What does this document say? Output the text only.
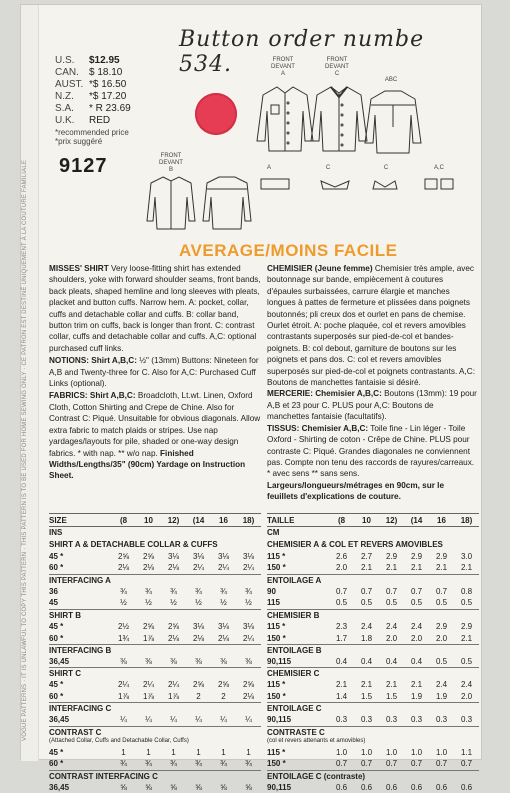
VOGUE PATTERNS · IT IS UNLAWFUL TO COPY THIS PATTERN · THIS PATTERN IS TO BE USED FOR HOME SEWING ONLY · CE PATRON EST DESTINÉ UNIQUEMENT À LA COUTURE FAMILIALE
Button order numbe 534.
U.S.	$12.95
CAN.	$ 18.10
AUST. *$ 16.50
N.Z.	*$ 17.20
S.A.	* R 23.69
U.K.	RED
*recommended price
*prix suggéré
9127
FRONT
DEVANT
A
FRONT
DEVANT
C
ABC
FRONT
DEVANT
B	A	C	C	A,C
AVERAGE/MOINS FACILE

MISSES' SHIRT Very loose-fitting shirt has extended shoulders, yoke with forward shoulder seams, front bands, back pleats, shaped hemline and long sleeves with pleats, placket and button cuffs. Narrow hem. A: pocket, collar, cuffs and detachable collar and cuffs. B: collar band, button trim on cuffs, back is longer than front. C: contrast collar, cuffs and detachable collar and cuffs. A,C: optional purchased cuff links.

NOTIONS: Shirt A,B,C: ½" (13mm) Buttons: Nineteen for A,B and Twenty-three for C. Also for A,C: Purchased Cuff Links (optional).

FABRICS: Shirt A,B,C: Broadcloth, Lt.wt. Linen, Oxford Cloth, Cotton Shirting and Crepe de Chine. Also for Contrast C: Piqué. Unsuitable for obvious diagonals. Allow extra fabric to match plaids or stripes. Use nap yardages/layouts for pile, shaded or one-way design fabrics. * with nap. ** w/o nap. Finished Widths/Lengths/35" (90cm) Yardage on Instruction Sheet.

CHEMISIER (Jeune femme) Chemisier très ample, avec boutonnage sur bande, empiècement à coutures d'épaules surbaissées, carrure élargie et manches longues à pattes de fermeture et plissées dans poignets boutonnés; pli creux dos et ourlet en pans de chemise. Ourlet étroit. A: poche plaquée, col et revers amovibles contrastants superposés sur pied-de-col et bandes-poignets. B: col debout, garniture de boutons sur les poignets et pans dos. C: col et revers amovibles superposés sur pied-de-col et poignets contrastants. A,C: Boutons de manchettes fantaisie si désiré.

MERCERIE: Chemisier A,B,C: Boutons (13mm): 19 pour A,B et 23 pour C. PLUS pour A,C: Boutons de manchettes fantaisie (facultatifs).

TISSUS: Chemisier A,B,C: Toile fine - Lin léger - Toile Oxford - Shirting de coton - Crêpe de Chine. PLUS pour contraste C: Piqué. Grandes diagonales ne conviennent pas. Compte non tenu des raccords de rayures/carreaux. * avec sens ** sans sens. Largeurs/longueurs/métrages en 90cm, sur le feuillets d'explications de couture.

SIZE	(8	10	12)	(14	16	18)
INS
SHIRT A & DETACHABLE COLLAR & CUFFS
45 *	2⅝	2⅝	3⅛	3⅛	3⅛	3⅛
60 *	2⅛	2⅛	2⅛	2¼	2¼	2¼
INTERFACING A
36	¾	¾	¾	¾	¾	¾
45	½	½	½	½	½	½
SHIRT B
45 *	2½	2⅝	2⅝	3⅛	3⅛	3⅛
60 *	1¾	1⅞	2⅛	2⅛	2⅛	2¼
INTERFACING B
36,45	⅜	⅜	⅜	⅜	⅜	⅜
SHIRT C
45 *	2¼	2¼	2¼	2⅝	2⅝	2⅝
60 *	1⅞	1⅞	1⅞	2	2	2⅛
INTERFACING C
36,45	¼	¼	¼	¼	¼	¼
CONTRAST C
(Attached Collar, Cuffs and Detachable Collar, Cuffs)
45 *	1	1	1	1	1	1
60 *	¾	¾	¾	¾	¾	¾
CONTRAST INTERFACING C
36,45	⅝	⅝	⅝	⅝	⅝	⅝
TAILLE	(8	10	12)	(14	16	18)
CM
CHEMISIER A & COL ET REVERS AMOVIBLES
115 *	2.6	2.7	2.9	2.9	2.9	3.0
150 *	2.0	2.1	2.1	2.1	2.1	2.1
ENTOILAGE A
90	0.7	0.7	0.7	0.7	0.7	0.8
115	0.5	0.5	0.5	0.5	0.5	0.5
CHEMISIER B
115 *	2.3	2.4	2.4	2.4	2.9	2.9
150 *	1.7	1.8	2.0	2.0	2.0	2.1
ENTOILAGE B
90,115	0.4	0.4	0.4	0.4	0.5	0.5
CHEMISIER C
115 *	2.1	2.1	2.1	2.1	2.4	2.4
150 *	1.4	1.5	1.5	1.9	1.9	2.0
ENTOILAGE C
90,115	0.3	0.3	0.3	0.3	0.3	0.3
CONTRASTE C
(col et revers attenants et amovibles)
115 *	1.0	1.0	1.0	1.0	1.0	1.1
150 *	0.7	0.7	0.7	0.7	0.7	0.7
ENTOILAGE C (contraste)
90,115	0.6	0.6	0.6	0.6	0.6	0.6
